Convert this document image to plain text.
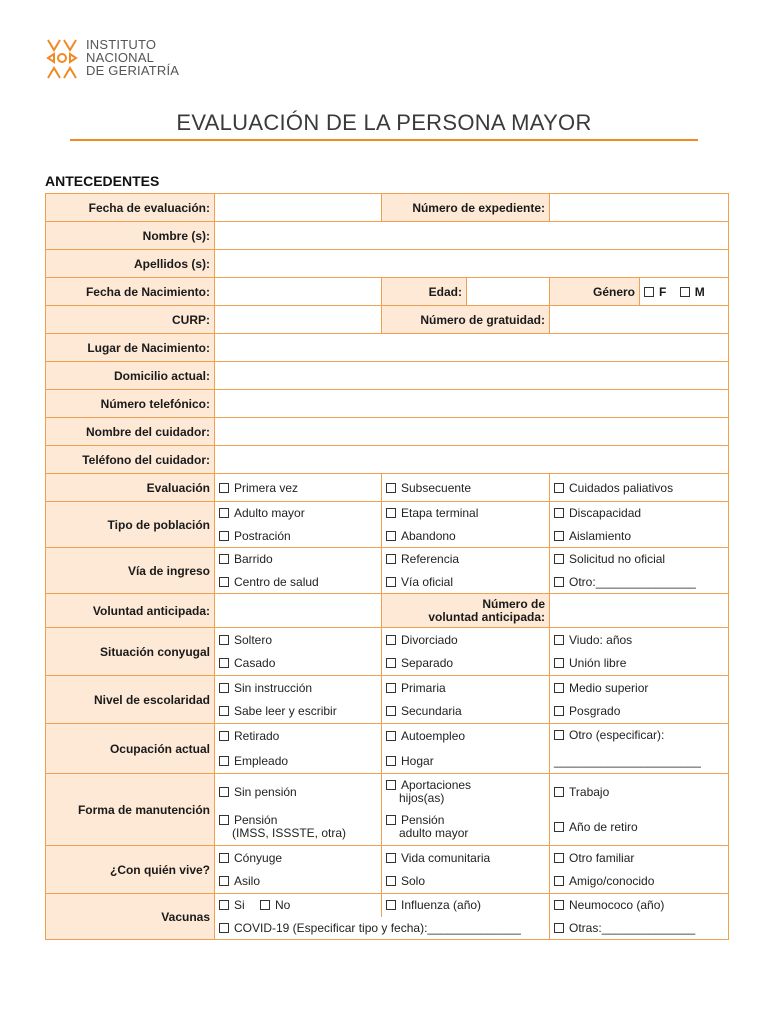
INSTITUTO
NACIONAL
DE GERIATRÍA
EVALUACIÓN DE LA PERSONA MAYOR
ANTECEDENTES
Fecha de evaluación:		Número de expediente:			
Nombre (s):					
Apellidos (s):					
Fecha de Nacimiento:		Edad:		Género	F M
CURP:		Número de gratuidad:			
Lugar de Nacimiento:					
Domicilio actual:					
Número telefónico:					
Nombre del cuidador:					
Teléfono del cuidador:					
Evaluación	Primera vez	Subsecuente		Cuidados paliativos	
Tipo de población	Adulto mayor	Etapa terminal		Discapacidad	
	Postración	Abandono		Aislamiento	
Vía de ingreso	Barrido	Referencia		Solicitud no oficial	
	Centro de salud	Vía oficial		Otro:_______________	
Voluntad anticipada:		Número de
voluntad anticipada:			
Situación conyugal	Soltero	Divorciado		Viudo: años	
	Casado	Separado		Unión libre	
Nivel de escolaridad	Sin instrucción	Primaria		Medio superior	
	Sabe leer y escribir	Secundaria		Posgrado	
Ocupación actual	Retirado	Autoempleo		Otro (especificar):

______________________	
	Empleado	Hogar			
Forma de manutención	Sin pensión	Aportaciones
hijos(as)		Trabajo	
	Pensión
(IMSS, ISSSTE, otra)	Pensión
adulto mayor		Año de retiro	
¿Con quién vive?	Cónyuge	Vida comunitaria		Otro familiar	
	Asilo	Solo		Amigo/conocido	
Vacunas	Si No	Influenza (año)		Neumococo (año)	
	COVID-19 (Especificar tipo y fecha):______________			Otras:______________	
